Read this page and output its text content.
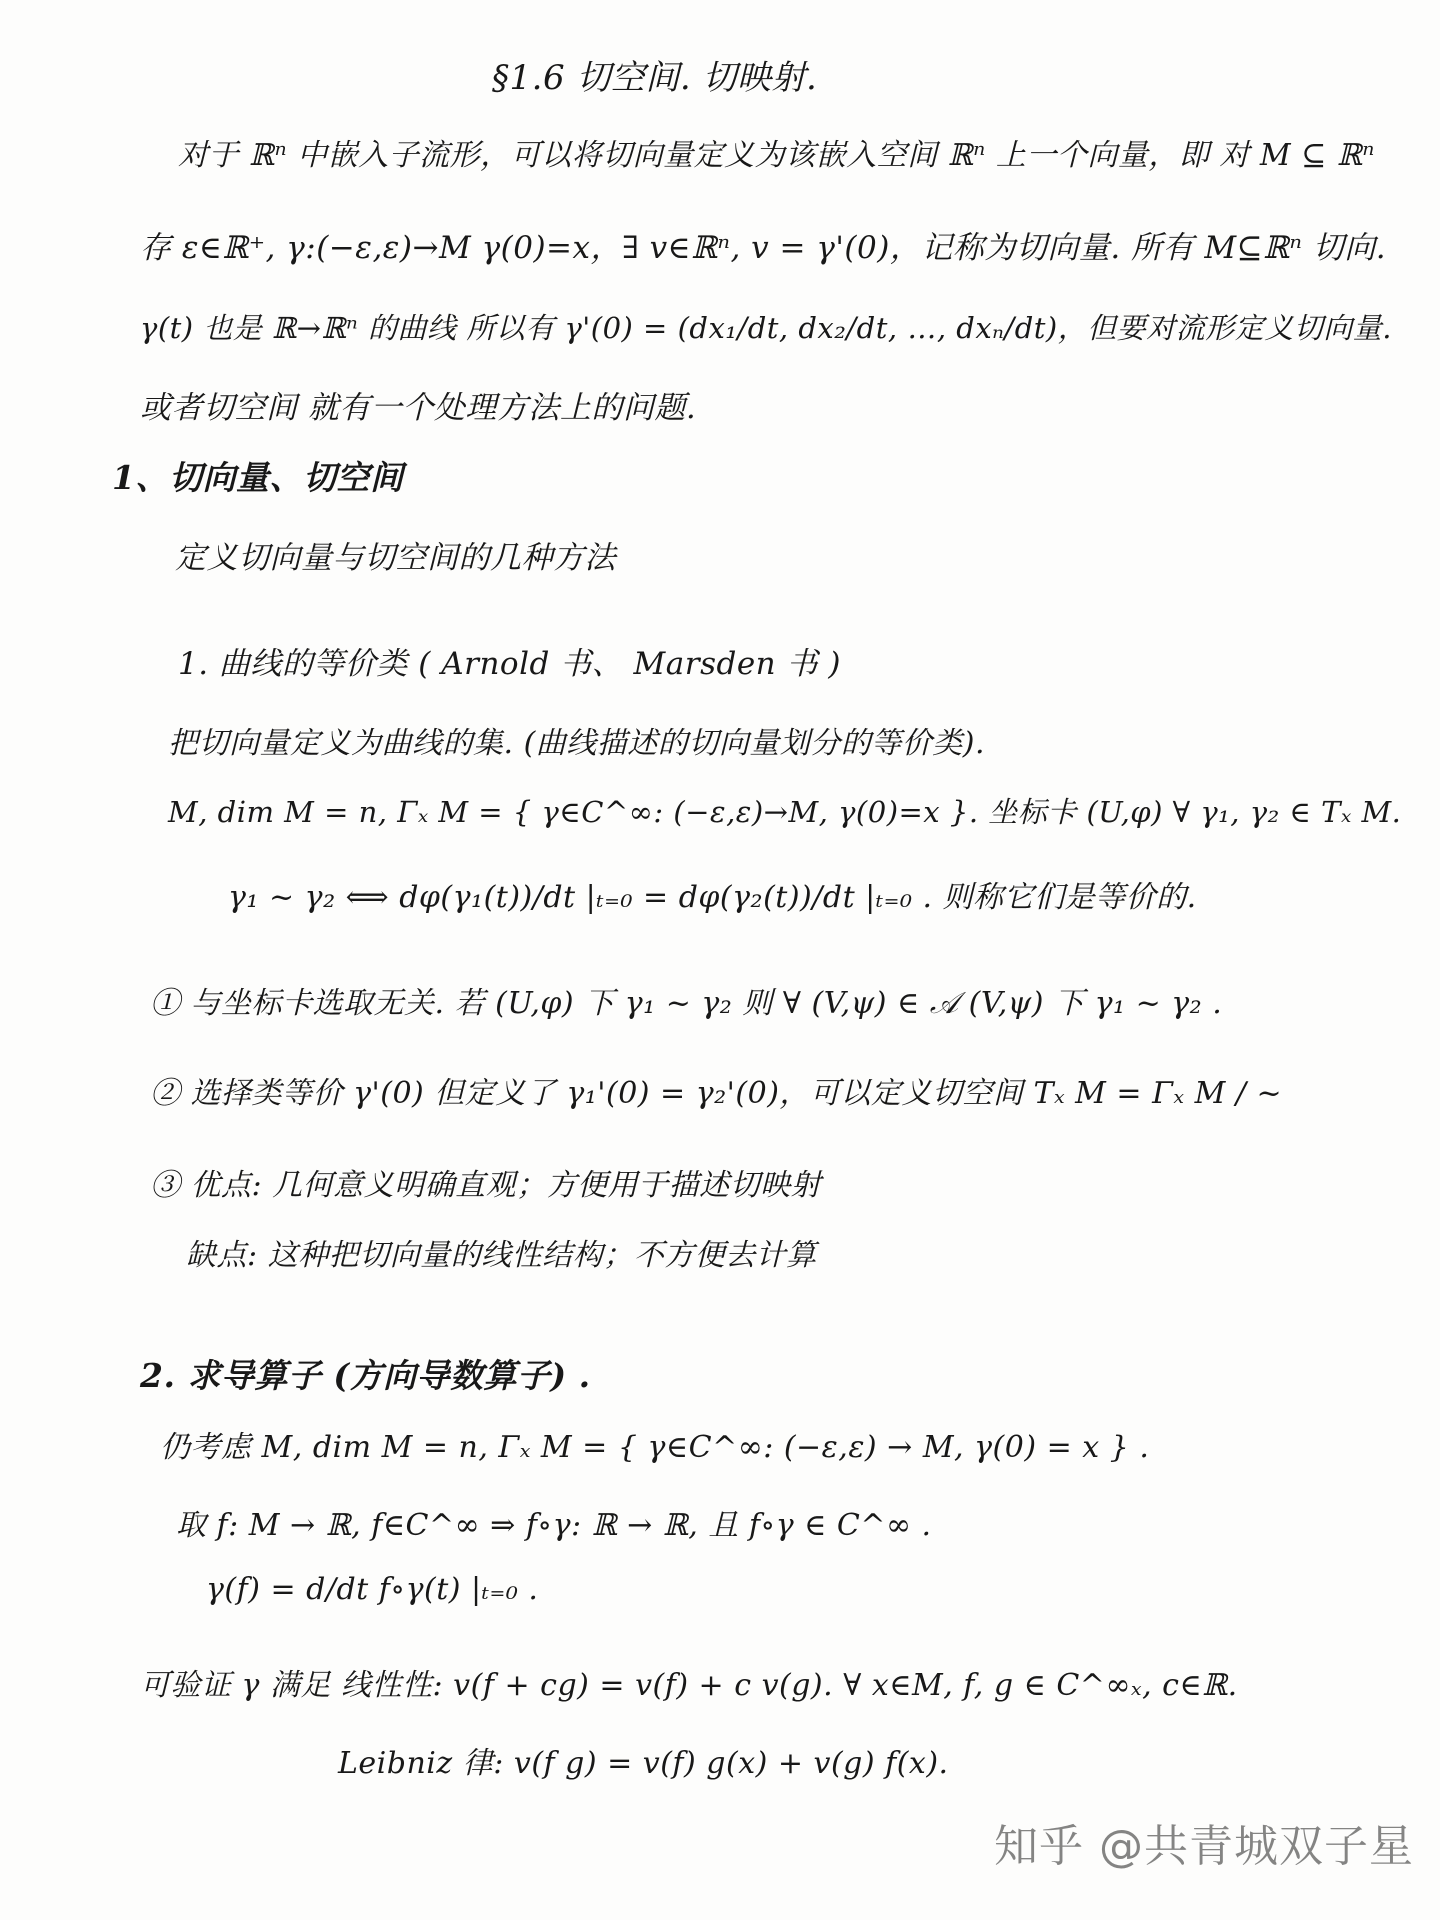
§1.6 切空间. 切映射.
对于 ℝⁿ 中嵌入子流形，可以将切向量定义为该嵌入空间 ℝⁿ 上一个向量，即 对 M ⊆ ℝⁿ
存 ε∈ℝ⁺, γ:(−ε,ε)→M γ(0)=x，∃ v∈ℝⁿ, v = γ'(0)，记称为切向量. 所有 M⊆ℝⁿ 切向.
γ(t) 也是 ℝ→ℝⁿ 的曲线 所以有 γ'(0) = (dx₁/dt, dx₂/dt, …, dxₙ/dt)，但要对流形定义切向量.
或者切空间 就有一个处理方法上的问题.
1、切向量、切空间
定义切向量与切空间的几种方法
1. 曲线的等价类 ( Arnold 书、 Marsden 书 )
把切向量定义为曲线的集. (曲线描述的切向量划分的等价类).
M, dim M = n, Γₓ M = { γ∈C^∞: (−ε,ε)→M, γ(0)=x }. 坐标卡 (U,φ) ∀ γ₁, γ₂ ∈ Tₓ M.
γ₁ ~ γ₂ ⟺ dφ(γ₁(t))/dt |ₜ₌₀ = dφ(γ₂(t))/dt |ₜ₌₀ . 则称它们是等价的.
① 与坐标卡选取无关. 若 (U,φ) 下 γ₁ ~ γ₂ 则 ∀ (V,ψ) ∈ 𝒜 (V,ψ) 下 γ₁ ~ γ₂ .
② 选择类等价 γ'(0) 但定义了 γ₁'(0) = γ₂'(0)，可以定义切空间 Tₓ M = Γₓ M / ~
③ 优点: 几何意义明确直观；方便用于描述切映射
缺点: 这种把切向量的线性结构；不方便去计算
2. 求导算子 (方向导数算子) .
仍考虑 M, dim M = n, Γₓ M = { γ∈C^∞: (−ε,ε) → M, γ(0) = x } .
取 f: M → ℝ, f∈C^∞ ⇒ f∘γ: ℝ → ℝ, 且 f∘γ ∈ C^∞ .
γ(f) = d/dt f∘γ(t) |ₜ₌₀ .
可验证 γ 满足 线性性: v(f + cg) = v(f) + c v(g). ∀ x∈M, f, g ∈ C^∞ₓ, c∈ℝ.
Leibniz 律: v(f g) = v(f) g(x) + v(g) f(x).
知乎 @共青城双子星
